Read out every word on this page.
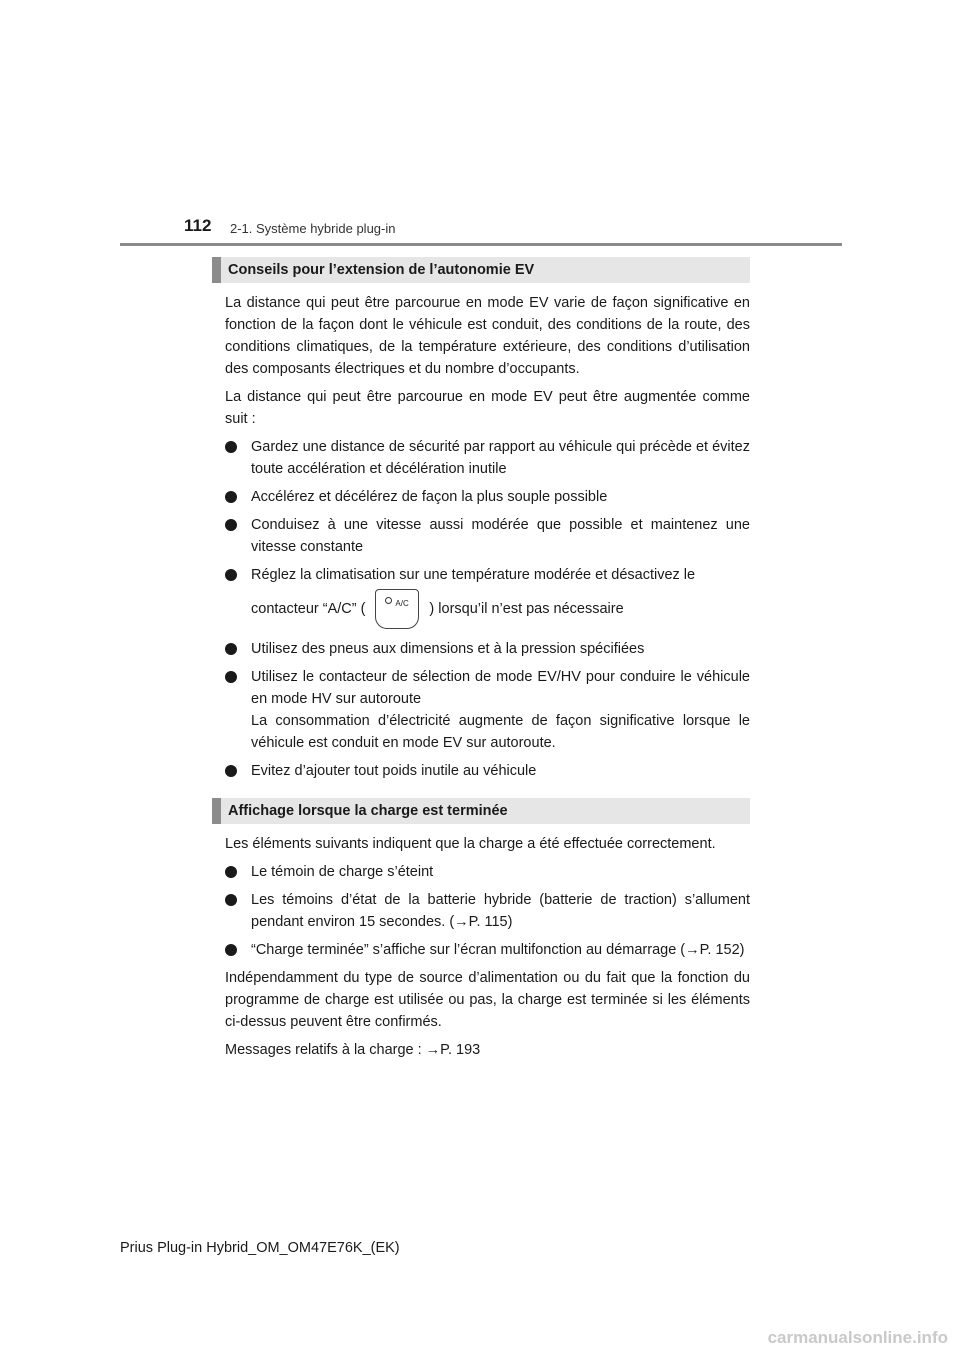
112 2-1. Système hybride plug-in
Conseils pour l’extension de l’autonomie EV

La distance qui peut être parcourue en mode EV varie de façon significative en fonction de la façon dont le véhicule est conduit, des conditions de la route, des conditions climatiques, de la température extérieure, des conditions d’utilisation des composants électriques et du nombre d’occupants.

La distance qui peut être parcourue en mode EV peut être augmentée comme suit :

Gardez une distance de sécurité par rapport au véhicule qui précède et évitez toute accélération et décélération inutile
Accélérez et décélérez de façon la plus souple possible
Conduisez à une vitesse aussi modérée que possible et maintenez une vitesse constante
Réglez la climatisation sur une température modérée et désactivez le
contacteur “A/C” (	A/C ) lorsqu’il n’est pas nécessaire
Utilisez des pneus aux dimensions et à la pression spécifiées
Utilisez le contacteur de sélection de mode EV/HV pour conduire le véhicule en mode HV sur autoroute
La consommation d’électricité augmente de façon significative lorsque le véhicule est conduit en mode EV sur autoroute.
Evitez d’ajouter tout poids inutile au véhicule
Affichage lorsque la charge est terminée

Les éléments suivants indiquent que la charge a été effectuée correctement.

Le témoin de charge s’éteint
Les témoins d’état de la batterie hybride (batterie de traction) s’allument pendant environ 15 secondes. (→P. 115)
“Charge terminée” s’affiche sur l’écran multifonction au démarrage (→P. 152)

Indépendamment du type de source d’alimentation ou du fait que la fonction du programme de charge est utilisée ou pas, la charge est terminée si les éléments ci-dessus peuvent être confirmés.

Messages relatifs à la charge : →P. 193

Prius Plug-in Hybrid_OM_OM47E76K_(EK)
carmanualsonline.info
